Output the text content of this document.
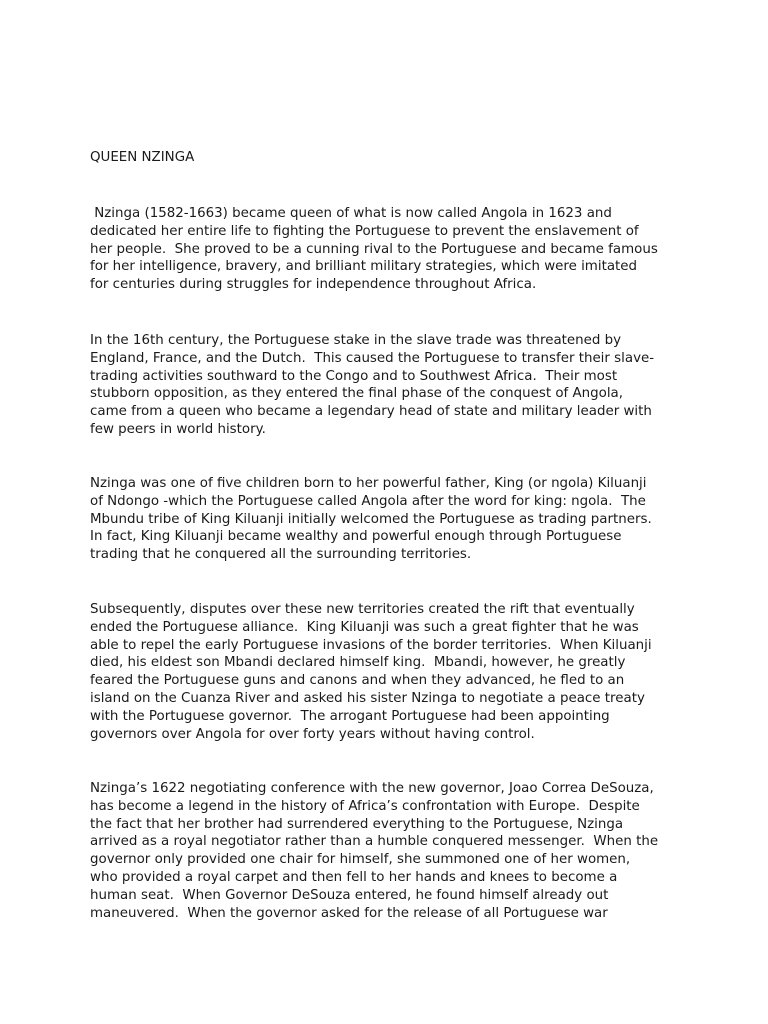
QUEEN NZINGA
Nzinga (1582-1663) became queen of what is now called Angola in 1623 and
dedicated her entire life to fighting the Portuguese to prevent the enslavement of
her people.  She proved to be a cunning rival to the Portuguese and became famous
for her intelligence, bravery, and brilliant military strategies, which were imitated
for centuries during struggles for independence throughout Africa.
In the 16th century, the Portuguese stake in the slave trade was threatened by
England, France, and the Dutch.  This caused the Portuguese to transfer their slave-
trading activities southward to the Congo and to Southwest Africa.  Their most
stubborn opposition, as they entered the final phase of the conquest of Angola,
came from a queen who became a legendary head of state and military leader with
few peers in world history.
Nzinga was one of five children born to her powerful father, King (or ngola) Kiluanji
of Ndongo -which the Portuguese called Angola after the word for king: ngola.  The
Mbundu tribe of King Kiluanji initially welcomed the Portuguese as trading partners.
In fact, King Kiluanji became wealthy and powerful enough through Portuguese
trading that he conquered all the surrounding territories.
Subsequently, disputes over these new territories created the rift that eventually
ended the Portuguese alliance.  King Kiluanji was such a great fighter that he was
able to repel the early Portuguese invasions of the border territories.  When Kiluanji
died, his eldest son Mbandi declared himself king.  Mbandi, however, he greatly
feared the Portuguese guns and canons and when they advanced, he fled to an
island on the Cuanza River and asked his sister Nzinga to negotiate a peace treaty
with the Portuguese governor.  The arrogant Portuguese had been appointing
governors over Angola for over forty years without having control.
Nzinga’s 1622 negotiating conference with the new governor, Joao Correa DeSouza,
has become a legend in the history of Africa’s confrontation with Europe.  Despite
the fact that her brother had surrendered everything to the Portuguese, Nzinga
arrived as a royal negotiator rather than a humble conquered messenger.  When the
governor only provided one chair for himself, she summoned one of her women,
who provided a royal carpet and then fell to her hands and knees to become a
human seat.  When Governor DeSouza entered, he found himself already out
maneuvered.  When the governor asked for the release of all Portuguese war
